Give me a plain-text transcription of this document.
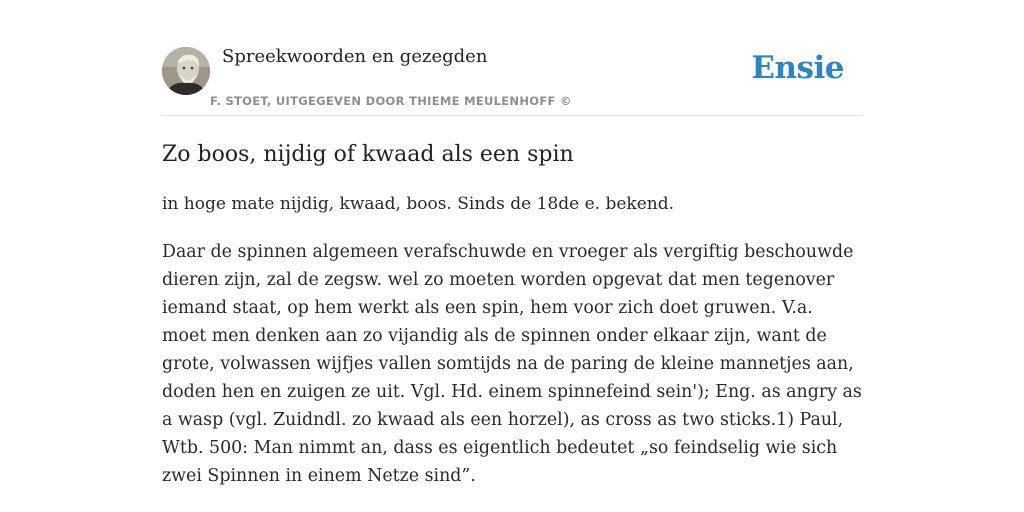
Spreekwoorden en gezegden
F. STOET, UITGEGEVEN DOOR THIEME MEULENHOFF ©
Ensie
Zo boos, nijdig of kwaad als een spin

in hoge mate nijdig, kwaad, boos. Sinds de 18de e. bekend.

Daar de spinnen algemeen verafschuwde en vroeger als vergiftig beschouwde dieren zijn, zal de zegsw. wel zo moeten worden opgevat dat men tegenover iemand staat, op hem werkt als een spin, hem voor zich doet gruwen. V.a. moet men denken aan zo vijandig als de spinnen onder elkaar zijn, want de grote, volwassen wijfjes vallen somtijds na de paring de kleine mannetjes aan, doden hen en zuigen ze uit. Vgl. Hd. einem spinnefeind sein'); Eng. as angry as a wasp (vgl. Zuidndl. zo kwaad als een horzel), as cross as two sticks.1) Paul, Wtb. 500: Man nimmt an, dass es eigentlich bedeutet „so feindselig wie sich zwei Spinnen in einem Netze sind”.
